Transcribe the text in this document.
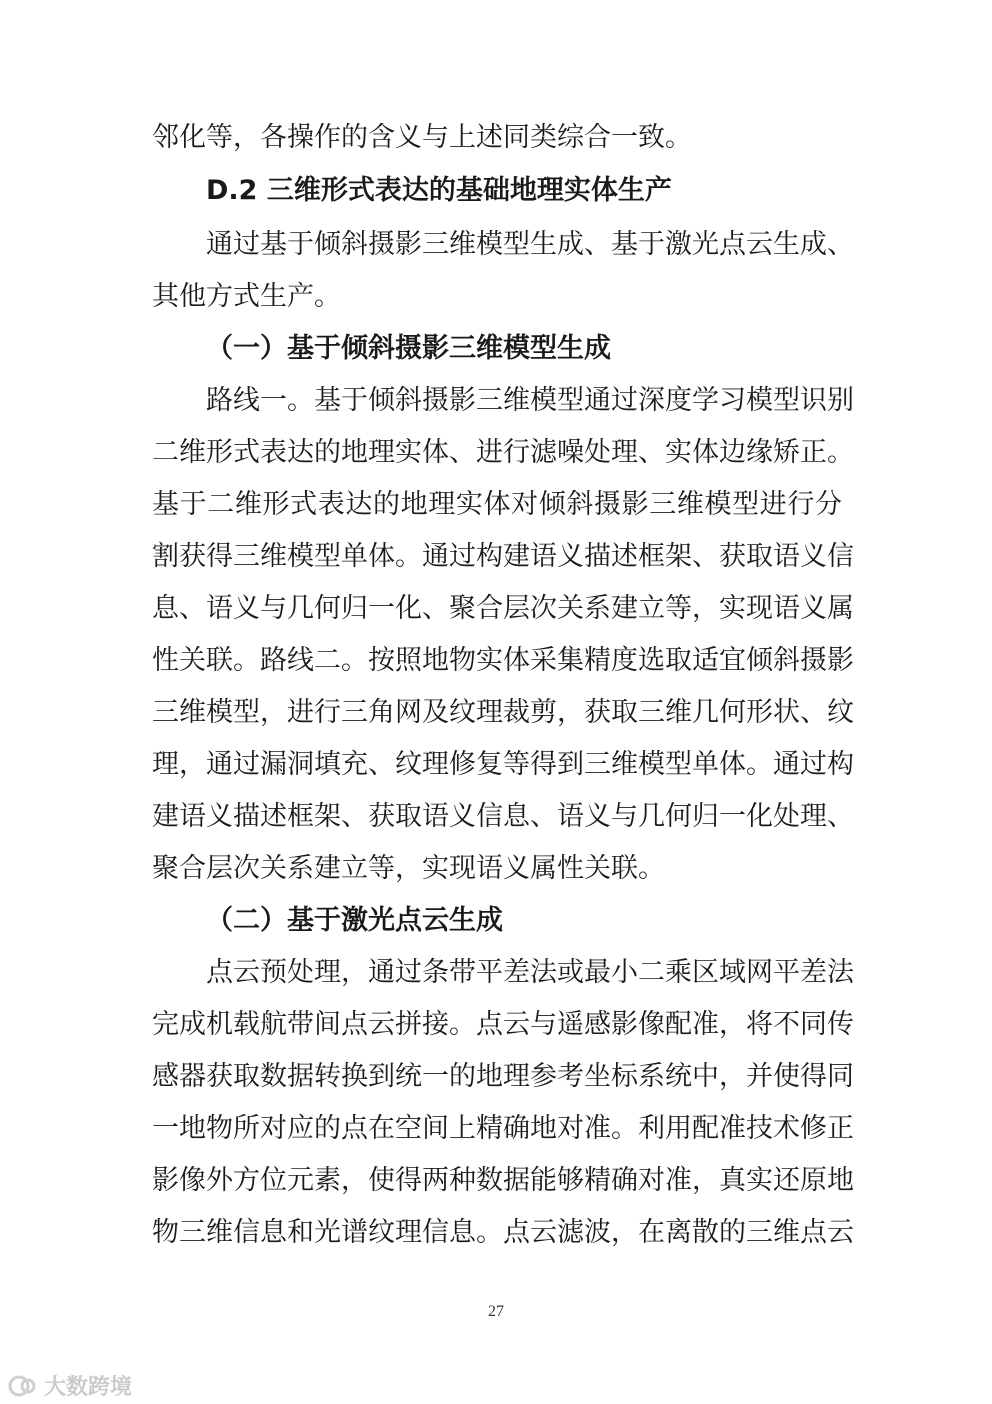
邻化等，各操作的含义与上述同类综合一致。
D.2 三维形式表达的基础地理实体生产
通过基于倾斜摄影三维模型生成、基于激光点云生成、
其他方式生产。
（一）基于倾斜摄影三维模型生成
路线一。基于倾斜摄影三维模型通过深度学习模型识别
二维形式表达的地理实体、进行滤噪处理、实体边缘矫正。
基于二维形式表达的地理实体对倾斜摄影三维模型进行分
割获得三维模型单体。通过构建语义描述框架、获取语义信
息、语义与几何归一化、聚合层次关系建立等，实现语义属
性关联。路线二。按照地物实体采集精度选取适宜倾斜摄影
三维模型，进行三角网及纹理裁剪，获取三维几何形状、纹
理，通过漏洞填充、纹理修复等得到三维模型单体。通过构
建语义描述框架、获取语义信息、语义与几何归一化处理、
聚合层次关系建立等，实现语义属性关联。
（二）基于激光点云生成
点云预处理，通过条带平差法或最小二乘区域网平差法
完成机载航带间点云拼接。点云与遥感影像配准，将不同传
感器获取数据转换到统一的地理参考坐标系统中，并使得同
一地物所对应的点在空间上精确地对准。利用配准技术修正
影像外方位元素，使得两种数据能够精确对准，真实还原地
物三维信息和光谱纹理信息。点云滤波，在离散的三维点云
27
大数跨境
